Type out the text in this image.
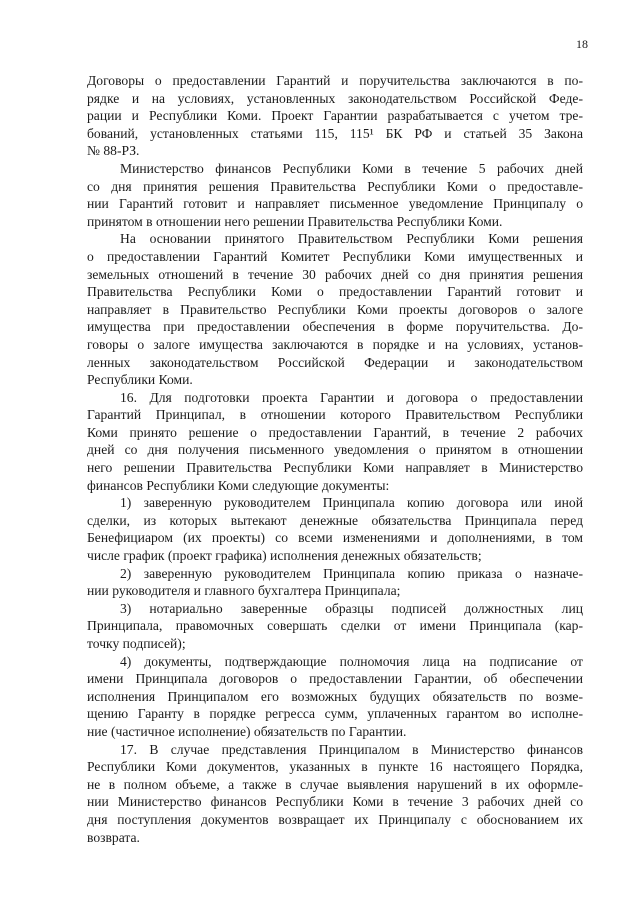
18
Договоры о предоставлении Гарантий и поручительства заключаются в по-
рядке и на условиях, установленных законодательством Российской Феде-
рации и Республики Коми. Проект Гарантии разрабатывается с учетом тре-
бований, установленных статьями 115, 115¹ БК РФ и статьей 35 Закона
№ 88-РЗ.
Министерство финансов Республики Коми в течение 5 рабочих дней
со дня принятия решения Правительства Республики Коми о предоставле-
нии Гарантий готовит и направляет письменное уведомление Принципалу о
принятом в отношении него решении Правительства Республики Коми.
На основании принятого Правительством Республики Коми решения
о предоставлении Гарантий Комитет Республики Коми имущественных и
земельных отношений в течение 30 рабочих дней со дня принятия решения
Правительства Республики Коми о предоставлении Гарантий готовит и
направляет в Правительство Республики Коми проекты договоров о залоге
имущества при предоставлении обеспечения в форме поручительства. До-
говоры о залоге имущества заключаются в порядке и на условиях, установ-
ленных законодательством Российской Федерации и законодательством
Республики Коми.
16. Для подготовки проекта Гарантии и договора о предоставлении
Гарантий Принципал, в отношении которого Правительством Республики
Коми принято решение о предоставлении Гарантий, в течение 2 рабочих
дней со дня получения письменного уведомления о принятом в отношении
него решении Правительства Республики Коми направляет в Министерство
финансов Республики Коми следующие документы:
1) заверенную руководителем Принципала копию договора или иной
сделки, из которых вытекают денежные обязательства Принципала перед
Бенефициаром (их проекты) со всеми изменениями и дополнениями, в том
числе график (проект графика) исполнения денежных обязательств;
2) заверенную руководителем Принципала копию приказа о назначе-
нии руководителя и главного бухгалтера Принципала;
3) нотариально заверенные образцы подписей должностных лиц
Принципала, правомочных совершать сделки от имени Принципала (кар-
точку подписей);
4) документы, подтверждающие полномочия лица на подписание от
имени Принципала договоров о предоставлении Гарантии, об обеспечении
исполнения Принципалом его возможных будущих обязательств по возме-
щению Гаранту в порядке регресса сумм, уплаченных гарантом во исполне-
ние (частичное исполнение) обязательств по Гарантии.
17. В случае представления Принципалом в Министерство финансов
Республики Коми документов, указанных в пункте 16 настоящего Порядка,
не в полном объеме, а также в случае выявления нарушений в их оформле-
нии Министерство финансов Республики Коми в течение 3 рабочих дней со
дня поступления документов возвращает их Принципалу с обоснованием их
возврата.
